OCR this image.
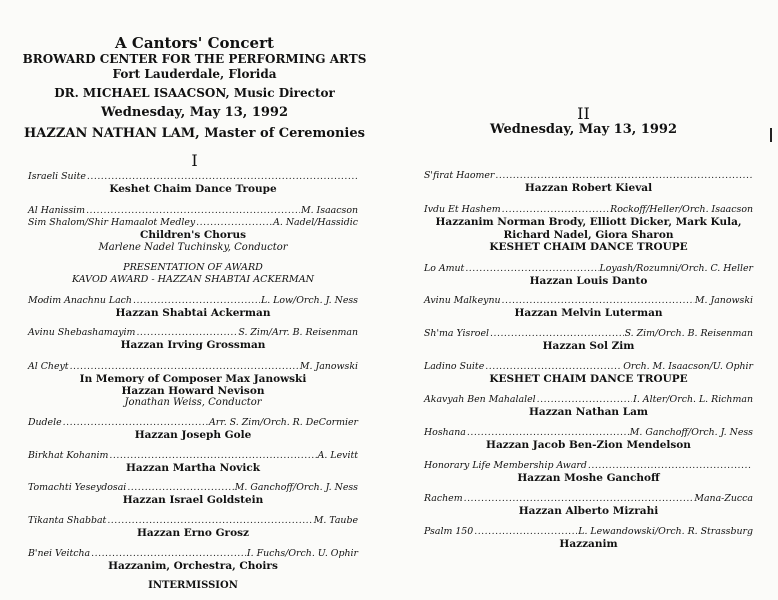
A Cantors' Concert
BROWARD CENTER FOR THE PERFORMING ARTS
Fort Lauderdale, Florida
DR. MICHAEL ISAACSON, Music Director
Wednesday, May 13, 1992
HAZZAN NATHAN LAM, Master of Ceremonies
I
Israeli Suite
.....
Keshet Chaim Dance Troupe
Al Hanissim .....	M. Isaacson
Sim Shalom/Shir Hamaalot Medley .....	A. Nadel/Hassidic
Children's Chorus
Marlene Nadel Tuchinsky, Conductor
PRESENTATION OF AWARD
KAVOD AWARD - HAZZAN SHABTAI ACKERMAN
Modim Anachnu Lach .....	L. Low/Orch. J. Ness
Hazzan Shabtai Ackerman
Avinu Shebashamayim .....	S. Zim/Arr. B. Reisenman
Hazzan Irving Grossman
Al Cheyt .....	M. Janowski
In Memory of Composer Max Janowski
Hazzan Howard Nevison
Jonathan Weiss, Conductor
Dudele .....	Arr. S. Zim/Orch. R. DeCormier
Hazzan Joseph Gole
Birkhat Kohanim .....	A. Levitt
Hazzan Martha Novick
Tomachti Yeseydosai .....	M. Ganchoff/Orch. J. Ness
Hazzan Israel Goldstein
Tikanta Shabbat .....	M. Taube
Hazzan Erno Grosz
B'nei Veitcha .....	I. Fuchs/Orch. U. Ophir
Hazzanim, Orchestra, Choirs
INTERMISSION
II
Wednesday, May 13, 1992
S'firat Haomer
.....
Hazzan Robert Kieval
Ivdu Et Hashem .....	Rockoff/Heller/Orch. Isaacson
Hazzanim Norman Brody, Elliott Dicker, Mark Kula,
Richard Nadel, Giora Sharon
KESHET CHAIM DANCE TROUPE
Lo Amut .....	Loyash/Rozumni/Orch. C. Heller
Hazzan Louis Danto
Avinu Malkeynu .....	M. Janowski
Hazzan Melvin Luterman
Sh'ma Yisroel .....	S. Zim/Orch. B. Reisenman
Hazzan Sol Zim
Ladino Suite .....	Orch. M. Isaacson/U. Ophir
KESHET CHAIM DANCE TROUPE
Akavyah Ben Mahalalel .....	I. Alter/Orch. L. Richman
Hazzan Nathan Lam
Hoshana .....	M. Ganchoff/Orch. J. Ness
Hazzan Jacob Ben-Zion Mendelson
Honorary Life Membership Award
.....
Hazzan Moshe Ganchoff
Rachem .....	Mana-Zucca
Hazzan Alberto Mizrahi
Psalm 150 .....	L. Lewandowski/Orch. R. Strassburg
Hazzanim
